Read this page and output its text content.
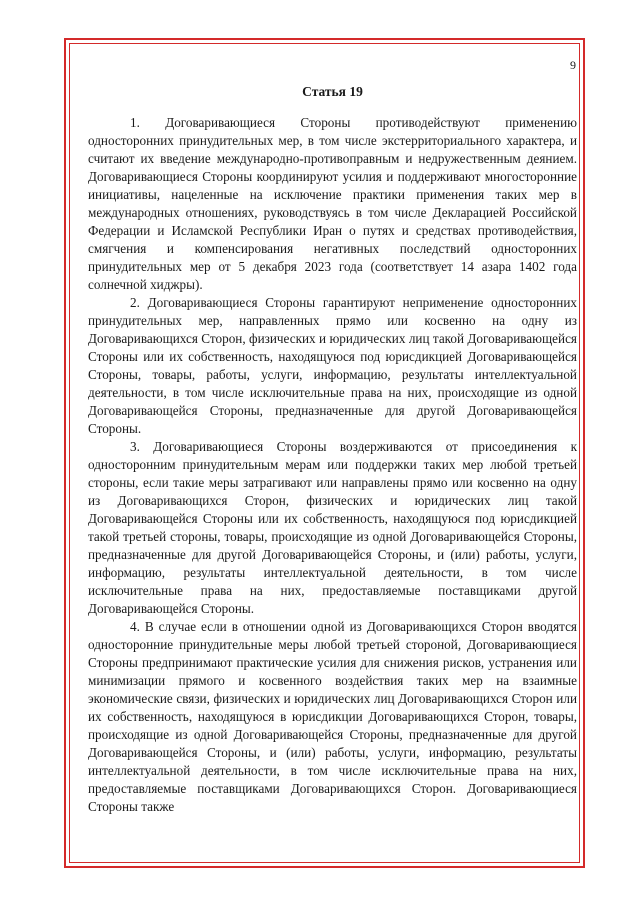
9
Статья 19

1. Договаривающиеся Стороны противодействуют применению односторонних принудительных мер, в том числе экстерриториального характера, и считают их введение международно-противоправным и недружественным деянием. Договаривающиеся Стороны координируют усилия и поддерживают многосторонние инициативы, нацеленные на исключение практики применения таких мер в международных отношениях, руководствуясь в том числе Декларацией Российской Федерации и Исламской Республики Иран о путях и средствах противодействия, смягчения и компенсирования негативных последствий односторонних принудительных мер от 5 декабря 2023 года (соответствует 14 азара 1402 года солнечной хиджры).

2. Договаривающиеся Стороны гарантируют неприменение односторонних принудительных мер, направленных прямо или косвенно на одну из Договаривающихся Сторон, физических и юридических лиц такой Договаривающейся Стороны или их собственность, находящуюся под юрисдикцией Договаривающейся Стороны, товары, работы, услуги, информацию, результаты интеллектуальной деятельности, в том числе исключительные права на них, происходящие из одной Договаривающейся Стороны, предназначенные для другой Договаривающейся Стороны.

3. Договаривающиеся Стороны воздерживаются от присоединения к односторонним принудительным мерам или поддержки таких мер любой третьей стороны, если такие меры затрагивают или направлены прямо или косвенно на одну из Договаривающихся Сторон, физических и юридических лиц такой Договаривающейся Стороны или их собственность, находящуюся под юрисдикцией такой третьей стороны, товары, происходящие из одной Договаривающейся Стороны, предназначенные для другой Договаривающейся Стороны, и (или) работы, услуги, информацию, результаты интеллектуальной деятельности, в том числе исключительные права на них, предоставляемые поставщиками другой Договаривающейся Стороны.

4. В случае если в отношении одной из Договаривающихся Сторон вводятся односторонние принудительные меры любой третьей стороной, Договаривающиеся Стороны предпринимают практические усилия для снижения рисков, устранения или минимизации прямого и косвенного воздействия таких мер на взаимные экономические связи, физических и юридических лиц Договаривающихся Сторон или их собственность, находящуюся в юрисдикции Договаривающихся Сторон, товары, происходящие из одной Договаривающейся Стороны, предназначенные для другой Договаривающейся Стороны, и (или) работы, услуги, информацию, результаты интеллектуальной деятельности, в том числе исключительные права на них, предоставляемые поставщиками Договаривающихся Сторон. Договаривающиеся Стороны также
